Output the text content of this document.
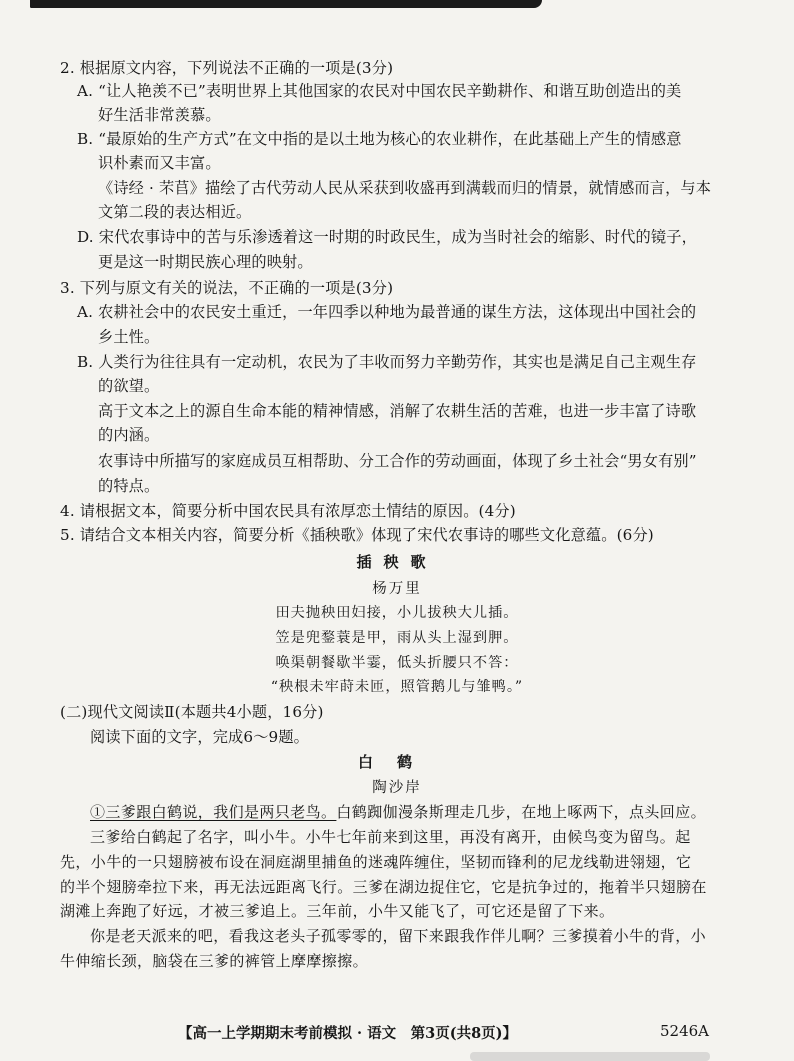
2. 根据原文内容，下列说法不正确的一项是(3分)
A. “让人艳羡不已”表明世界上其他国家的农民对中国农民辛勤耕作、和谐互助创造出的美
好生活非常羡慕。
B. “最原始的生产方式”在文中指的是以土地为核心的农业耕作，在此基础上产生的情感意
识朴素而又丰富。
《诗经 · 芣苢》描绘了古代劳动人民从采获到收盛再到满载而归的情景，就情感而言，与本
文第二段的表达相近。
D. 宋代农事诗中的苦与乐渗透着这一时期的时政民生，成为当时社会的缩影、时代的镜子，
更是这一时期民族心理的映射。
3. 下列与原文有关的说法，不正确的一项是(3分)
A. 农耕社会中的农民安土重迁，一年四季以种地为最普通的谋生方法，这体现出中国社会的
乡土性。
B. 人类行为往往具有一定动机，农民为了丰收而努力辛勤劳作，其实也是满足自己主观生存
的欲望。
高于文本之上的源自生命本能的精神情感，消解了农耕生活的苦难，也进一步丰富了诗歌
的内涵。
农事诗中所描写的家庭成员互相帮助、分工合作的劳动画面，体现了乡土社会“男女有别”
的特点。
4. 请根据文本，简要分析中国农民具有浓厚恋土情结的原因。(4分)
5. 请结合文本相关内容，简要分析《插秧歌》体现了宋代农事诗的哪些文化意蕴。(6分)
插秧歌
杨万里
田夫抛秧田妇接，小儿拔秧大儿插。
笠是兜鍪蓑是甲，雨从头上湿到胛。
唤渠朝餐歇半霎，低头折腰只不答：
“秧根未牢莳未匝，照管鹅儿与雏鸭。”
(二)现代文阅读Ⅱ(本题共4小题，16分)
阅读下面的文字，完成6～9题。
白鹤
陶沙岸
①三爹跟白鹤说，我们是两只老鸟。白鹤踟伽漫条斯理走几步，在地上啄两下，点头回应。
三爹给白鹤起了名字，叫小牛。小牛七年前来到这里，再没有离开，由候鸟变为留鸟。起
先，小牛的一只翅膀被布设在洞庭湖里捕鱼的迷魂阵缠住，坚韧而锋利的尼龙线勒进翎翅，它
的半个翅膀牵拉下来，再无法远距离飞行。三爹在湖边捉住它，它是抗争过的，拖着半只翅膀在
湖滩上奔跑了好远，才被三爹追上。三年前，小牛又能飞了，可它还是留了下来。
你是老天派来的吧，看我这老头子孤零零的，留下来跟我作伴儿啊？三爹摸着小牛的背，小
牛伸缩长颈，脑袋在三爹的裤管上摩摩擦擦。
【高一上学期期末考前模拟 · 语文　第3页(共8页)】	5246A
